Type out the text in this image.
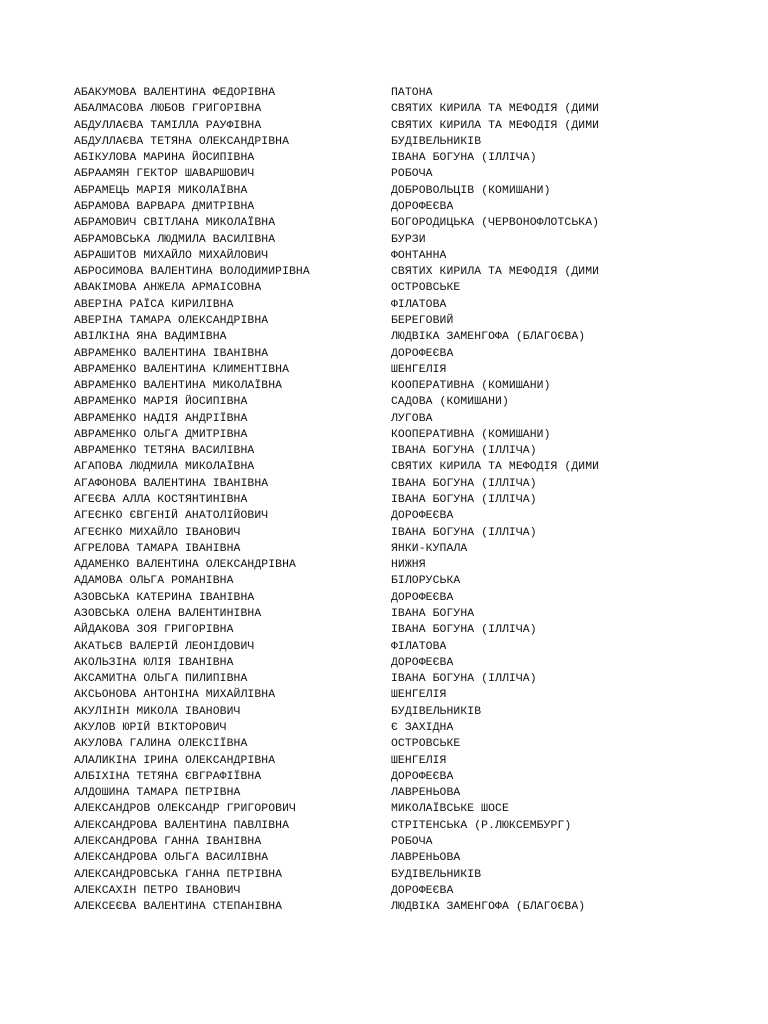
АБАКУМОВА ВАЛЕНТИНА ФЕДОРІВНА	ПАТОНА
АБАЛМАСОВА ЛЮБОВ ГРИГОРІВНА	СВЯТИХ КИРИЛА ТА МЕФОДІЯ (ДИМИ
АБДУЛЛАЄВА ТАМІЛЛА РАУФІВНА	СВЯТИХ КИРИЛА ТА МЕФОДІЯ (ДИМИ
АБДУЛЛАЄВА ТЕТЯНА ОЛЕКСАНДРІВНА	БУДІВЕЛЬНИКІВ
АБІКУЛОВА МАРИНА ЙОСИПІВНА	ІВАНА БОГУНА (ІЛЛІЧА)
АБРААМЯН ГЕКТОР ШАВАРШОВИЧ	РОБОЧА
АБРАМЕЦЬ МАРІЯ МИКОЛАЇВНА	ДОБРОВОЛЬЦІВ (КОМИШАНИ)
АБРАМОВА ВАРВАРА ДМИТРІВНА	ДОРОФЕЄВА
АБРАМОВИЧ СВІТЛАНА МИКОЛАЇВНА	БОГОРОДИЦЬКА (ЧЕРВОНОФЛОТСЬКА)
АБРАМОВСЬКА ЛЮДМИЛА ВАСИЛІВНА	БУРЗИ
АБРАШИТОВ МИХАЙЛО МИХАЙЛОВИЧ	ФОНТАННА
АБРОСИМОВА ВАЛЕНТИНА ВОЛОДИМИРІВНА	СВЯТИХ КИРИЛА ТА МЕФОДІЯ (ДИМИ
АВАКІМОВА АНЖЕЛА АРМАІСОВНА	ОСТРОВСЬКЕ
АВЕРІНА РАЇСА КИРИЛІВНА	ФІЛАТОВА
АВЕРІНА ТАМАРА ОЛЕКСАНДРІВНА	БЕРЕГОВИЙ
АВІЛКІНА ЯНА ВАДИМІВНА	ЛЮДВІКА ЗАМЕНГОФА (БЛАГОЄВА)
АВРАМЕНКО ВАЛЕНТИНА ІВАНІВНА	ДОРОФЕЄВА
АВРАМЕНКО ВАЛЕНТИНА КЛИМЕНТІВНА	ШЕНГЕЛІЯ
АВРАМЕНКО ВАЛЕНТИНА МИКОЛАЇВНА	КООПЕРАТИВНА (КОМИШАНИ)
АВРАМЕНКО МАРІЯ ЙОСИПІВНА	САДОВА (КОМИШАНИ)
АВРАМЕНКО НАДІЯ АНДРІЇВНА	ЛУГОВА
АВРАМЕНКО ОЛЬГА ДМИТРІВНА	КООПЕРАТИВНА (КОМИШАНИ)
АВРАМЕНКО ТЕТЯНА ВАСИЛІВНА	ІВАНА БОГУНА (ІЛЛІЧА)
АГАПОВА ЛЮДМИЛА МИКОЛАЇВНА	СВЯТИХ КИРИЛА ТА МЕФОДІЯ (ДИМИ
АГАФОНОВА ВАЛЕНТИНА ІВАНІВНА	ІВАНА БОГУНА (ІЛЛІЧА)
АГЕЄВА АЛЛА КОСТЯНТИНІВНА	ІВАНА БОГУНА (ІЛЛІЧА)
АГЕЄНКО ЄВГЕНІЙ АНАТОЛІЙОВИЧ	ДОРОФЕЄВА
АГЕЄНКО МИХАЙЛО ІВАНОВИЧ	ІВАНА БОГУНА (ІЛЛІЧА)
АГРЕЛОВА ТАМАРА ІВАНІВНА	ЯНКИ-КУПАЛА
АДАМЕНКО ВАЛЕНТИНА ОЛЕКСАНДРІВНА	НИЖНЯ
АДАМОВА ОЛЬГА РОМАНІВНА	БІЛОРУСЬКА
АЗОВСЬКА КАТЕРИНА ІВАНІВНА	ДОРОФЕЄВА
АЗОВСЬКА ОЛЕНА ВАЛЕНТИНІВНА	ІВАНА БОГУНА
АЙДАКОВА ЗОЯ ГРИГОРІВНА	ІВАНА БОГУНА (ІЛЛІЧА)
АКАТЬЄВ ВАЛЕРІЙ ЛЕОНІДОВИЧ	ФІЛАТОВА
АКОЛЬЗІНА ЮЛІЯ ІВАНІВНА	ДОРОФЕЄВА
АКСАМИТНА ОЛЬГА ПИЛИПІВНА	ІВАНА БОГУНА (ІЛЛІЧА)
АКСЬОНОВА АНТОНІНА МИХАЙЛІВНА	ШЕНГЕЛІЯ
АКУЛІНІН МИКОЛА ІВАНОВИЧ	БУДІВЕЛЬНИКІВ
АКУЛОВ ЮРІЙ ВІКТОРОВИЧ	Є ЗАХІДНА
АКУЛОВА ГАЛИНА ОЛЕКСІЇВНА	ОСТРОВСЬКЕ
АЛАЛИКІНА ІРИНА ОЛЕКСАНДРІВНА	ШЕНГЕЛІЯ
АЛБІХІНА ТЕТЯНА ЄВГРАФІЇВНА	ДОРОФЕЄВА
АЛДОШИНА ТАМАРА ПЕТРІВНА	ЛАВРЕНЬОВА
АЛЕКСАНДРОВ ОЛЕКСАНДР ГРИГОРОВИЧ	МИКОЛАЇВСЬКЕ ШОСЕ
АЛЕКСАНДРОВА ВАЛЕНТИНА ПАВЛІВНА	СТРІТЕНСЬКА (Р.ЛЮКСЕМБУРГ)
АЛЕКСАНДРОВА ГАННА ІВАНІВНА	РОБОЧА
АЛЕКСАНДРОВА ОЛЬГА ВАСИЛІВНА	ЛАВРЕНЬОВА
АЛЕКСАНДРОВСЬКА ГАННА ПЕТРІВНА	БУДІВЕЛЬНИКІВ
АЛЕКСАХІН ПЕТРО ІВАНОВИЧ	ДОРОФЕЄВА
АЛЕКСЕЄВА ВАЛЕНТИНА СТЕПАНІВНА	ЛЮДВІКА ЗАМЕНГОФА (БЛАГОЄВА)
